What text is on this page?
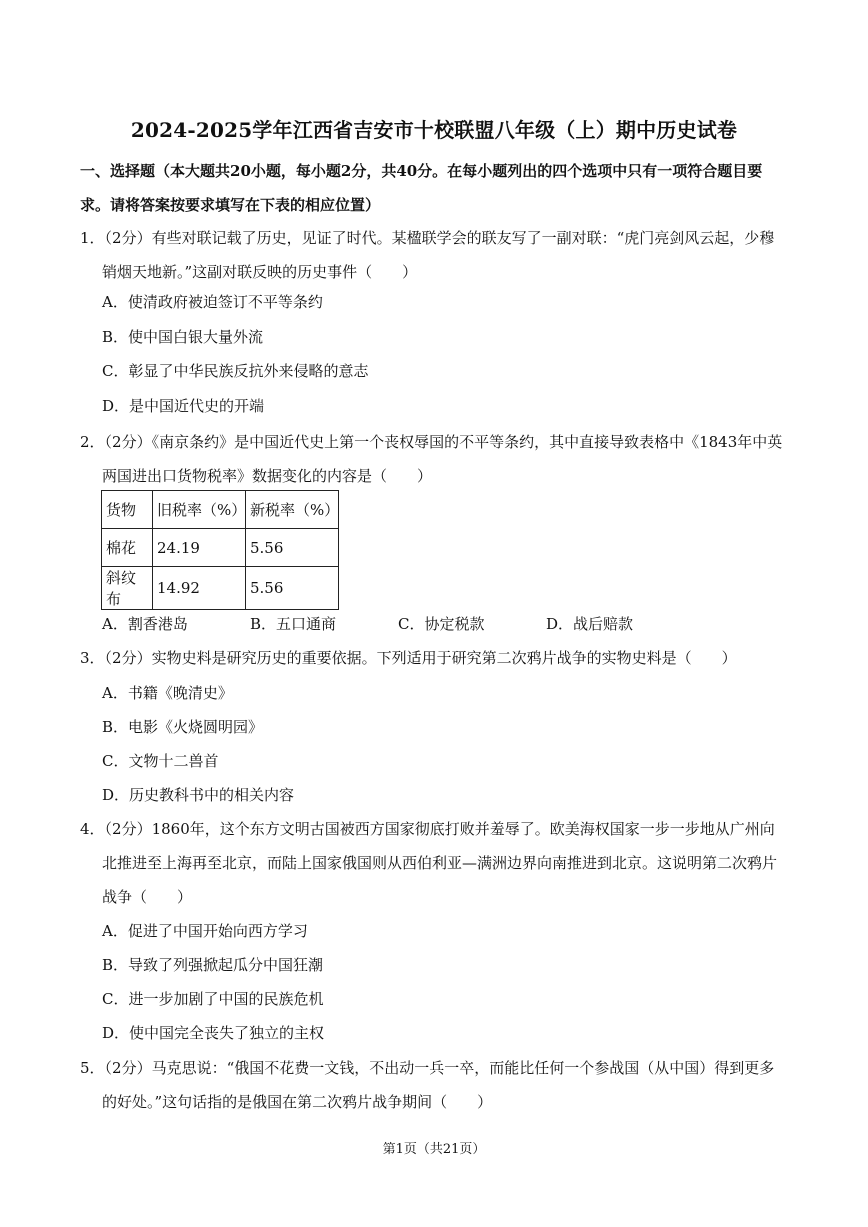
2024-2025学年江西省吉安市十校联盟八年级（上）期中历史试卷
一、选择题（本大题共20小题，每小题2分，共40分。在每小题列出的四个选项中只有一项符合题目要求。请将答案按要求填写在下表的相应位置）
1．（2分）有些对联记载了历史，见证了时代。某楹联学会的联友写了一副对联：“虎门亮剑风云起，少穆销烟天地新。”这副对联反映的历史事件（　　）
A．使清政府被迫签订不平等条约
B．使中国白银大量外流
C．彰显了中华民族反抗外来侵略的意志
D．是中国近代史的开端
2．（2分）《南京条约》是中国近代史上第一个丧权辱国的不平等条约，其中直接导致表格中《1843年中英两国进出口货物税率》数据变化的内容是（　　）
货物	旧税率（%）	新税率（%）
棉花	24.19	5.56
斜纹布	14.92	5.56
A．割香港岛	B．五口通商	C．协定税款	D．战后赔款
3．（2分）实物史料是研究历史的重要依据。下列适用于研究第二次鸦片战争的实物史料是（　　）
A．书籍《晚清史》
B．电影《火烧圆明园》
C．文物十二兽首
D．历史教科书中的相关内容
4．（2分）1860年，这个东方文明古国被西方国家彻底打败并羞辱了。欧美海权国家一步一步地从广州向北推进至上海再至北京，而陆上国家俄国则从西伯利亚—满洲边界向南推进到北京。这说明第二次鸦片战争（　　）
A．促进了中国开始向西方学习
B．导致了列强掀起瓜分中国狂潮
C．进一步加剧了中国的民族危机
D．使中国完全丧失了独立的主权
5．（2分）马克思说：“俄国不花费一文钱，不出动一兵一卒，而能比任何一个参战国（从中国）得到更多的好处。”这句话指的是俄国在第二次鸦片战争期间（　　）
第1页（共21页）
